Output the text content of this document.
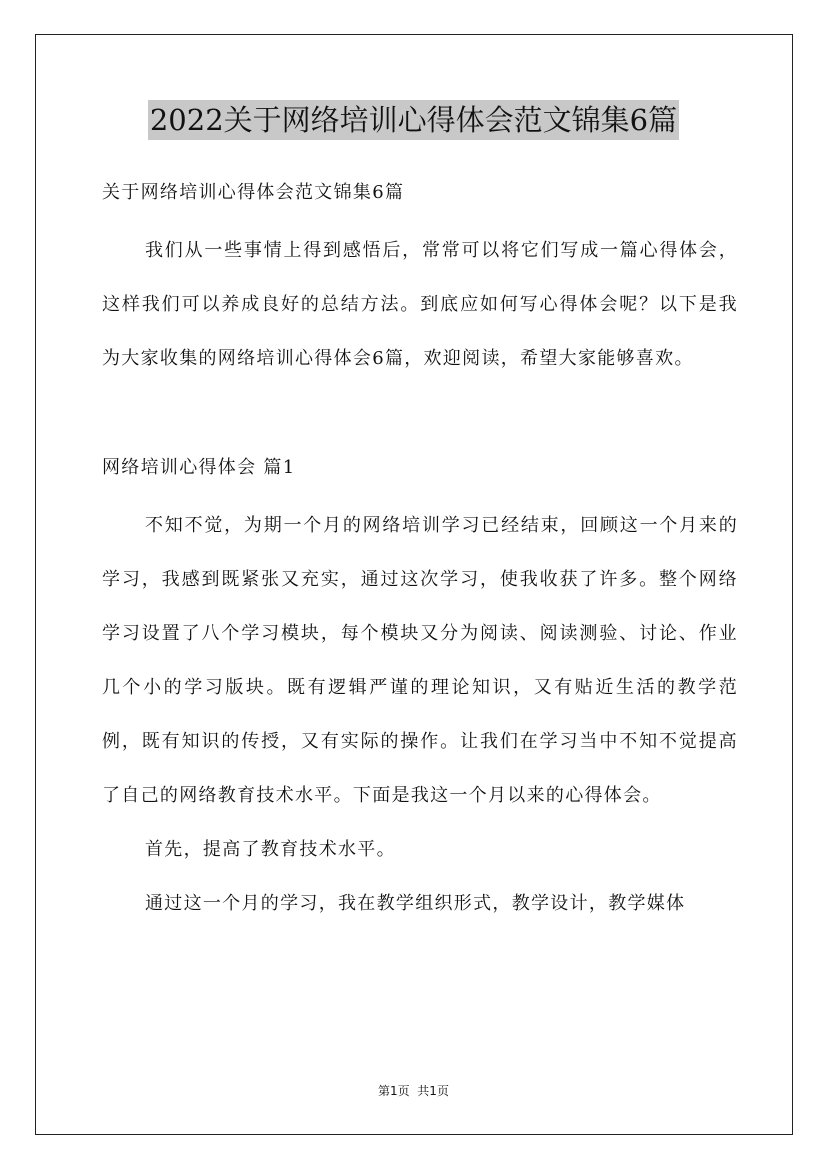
2022关于网络培训心得体会范文锦集6篇
关于网络培训心得体会范文锦集6篇

我们从一些事情上得到感悟后，常常可以将它们写成一篇心得体会，这样我们可以养成良好的总结方法。到底应如何写心得体会呢？以下是我为大家收集的网络培训心得体会6篇，欢迎阅读，希望大家能够喜欢。

网络培训心得体会 篇1

不知不觉，为期一个月的网络培训学习已经结束，回顾这一个月来的学习，我感到既紧张又充实，通过这次学习，使我收获了许多。整个网络学习设置了八个学习模块，每个模块又分为阅读、阅读测验、讨论、作业几个小的学习版块。既有逻辑严谨的理论知识，又有贴近生活的教学范例，既有知识的传授，又有实际的操作。让我们在学习当中不知不觉提高了自己的网络教育技术水平。下面是我这一个月以来的心得体会。

首先，提高了教育技术水平。

通过这一个月的学习，我在教学组织形式，教学设计，教学媒体

第1页  共1页
